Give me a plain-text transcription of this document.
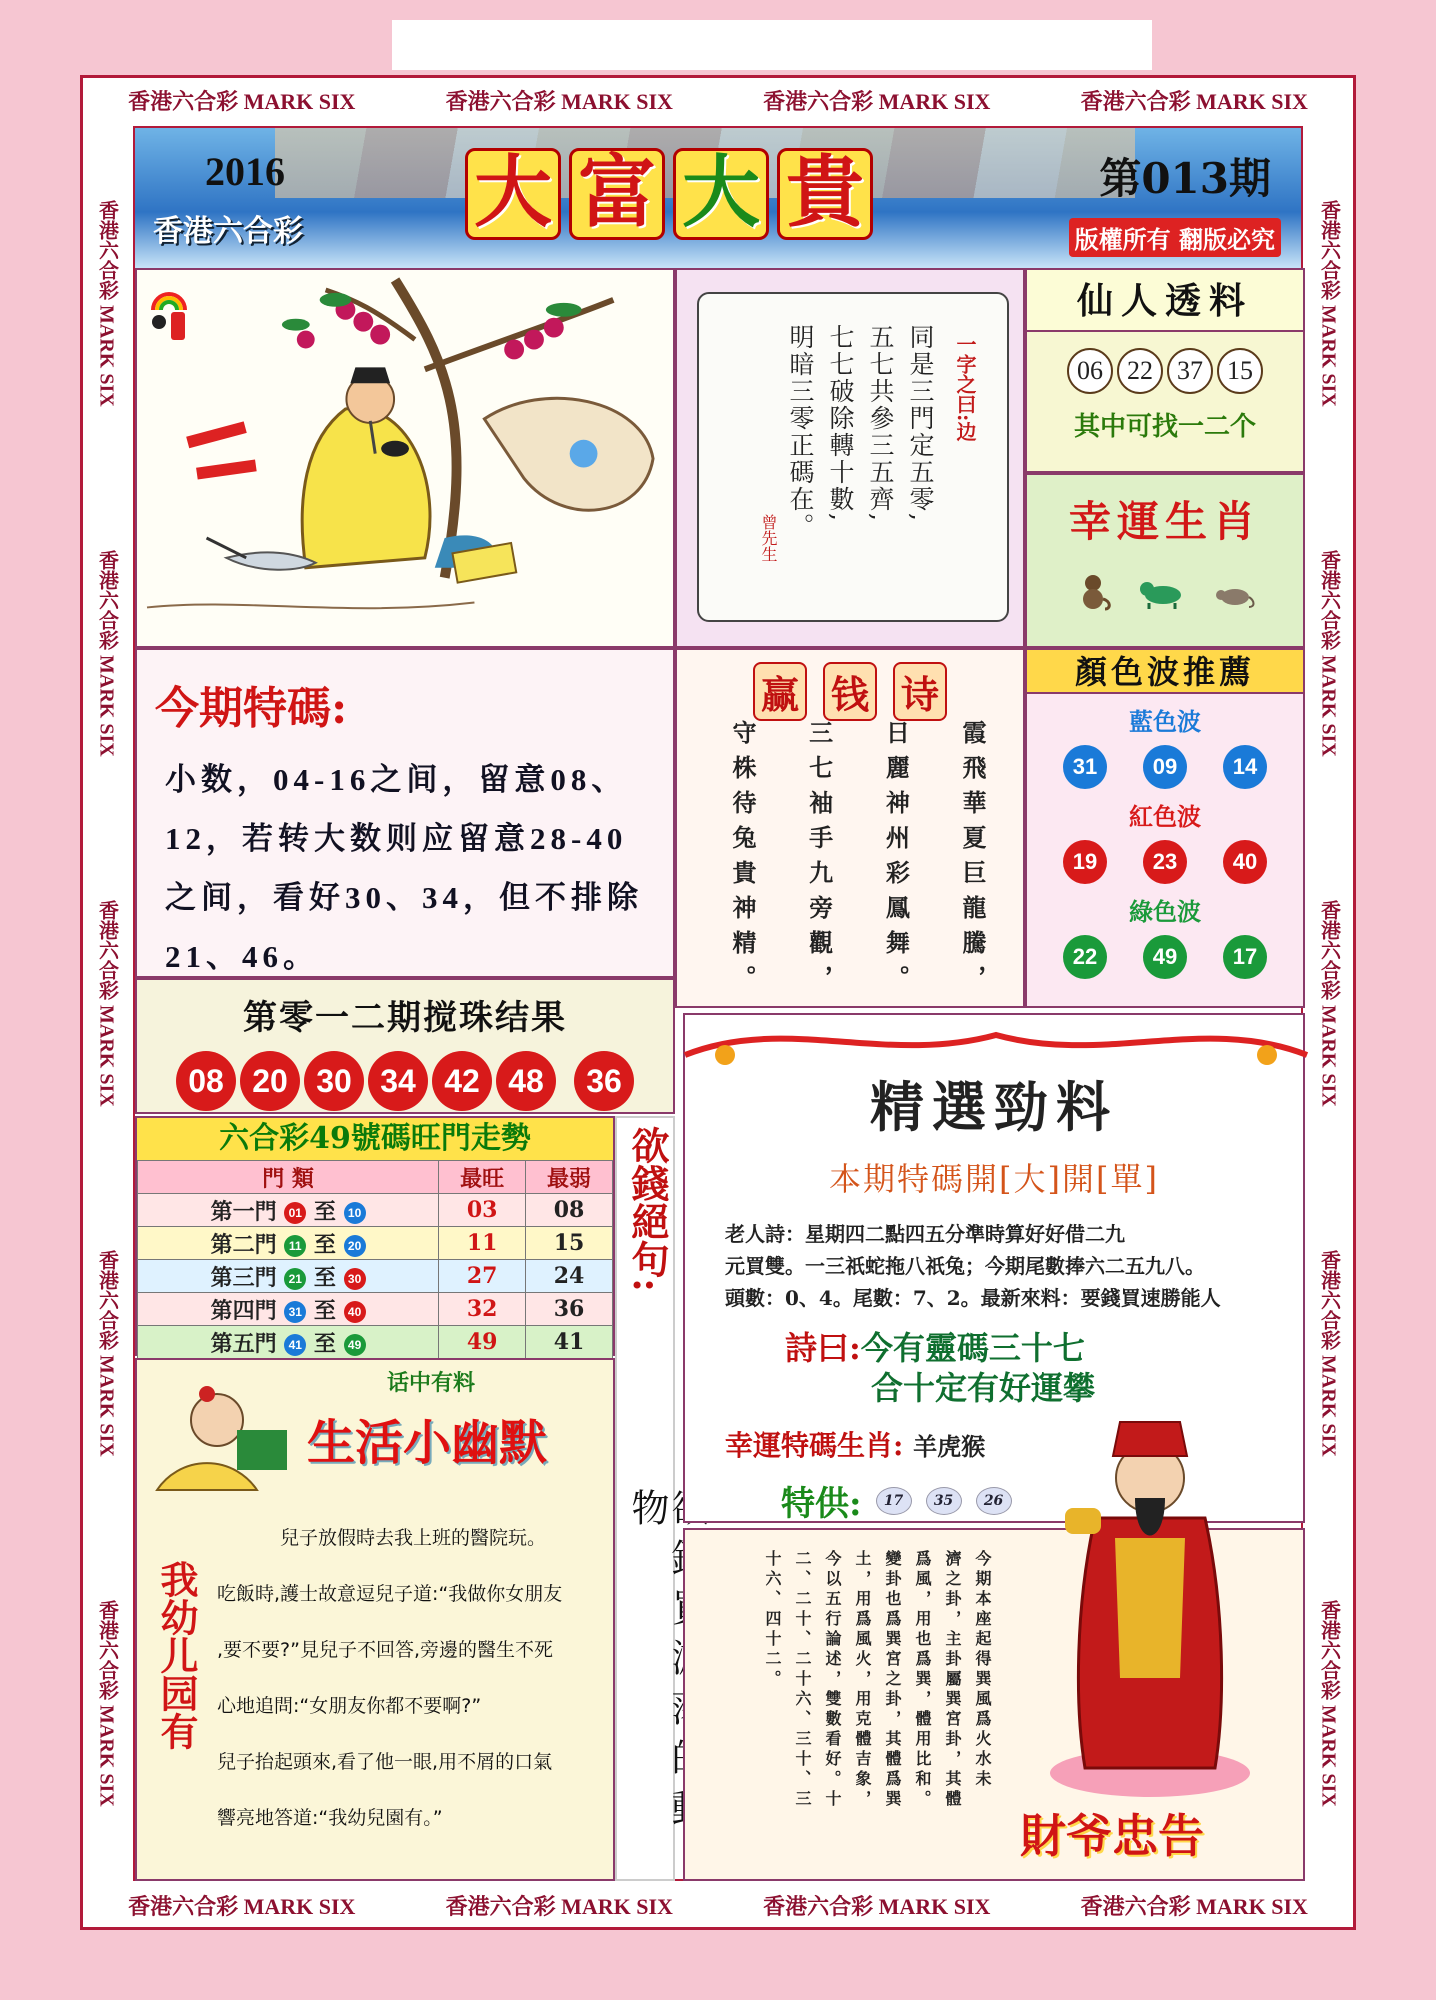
香港六合彩 MARK SIX	香港六合彩 MARK SIX	香港六合彩 MARK SIX	香港六合彩 MARK SIX
香港六合彩 MARK SIX	香港六合彩 MARK SIX	香港六合彩 MARK SIX	香港六合彩 MARK SIX
香港六合彩 MARK SIX
香港六合彩 MARK SIX
香港六合彩 MARK SIX
香港六合彩 MARK SIX
香港六合彩 MARK SIX
香港六合彩 MARK SIX
香港六合彩 MARK SIX
香港六合彩 MARK SIX
香港六合彩 MARK SIX
香港六合彩 MARK SIX
2016
香港六合彩 大 富 大 貴	第013期
版權所有 翻版必究
一字之曰:边
同是三門定五零,
五七共參三五齊,
七七破除轉十數,
明暗三零正碼在。
曾先生
仙人透料
06 22 37 15
其中可找一二个
幸運生肖
今期特碼:
小数，04-16之间，留意08、12，若转大数则应留意28-40之间，看好30、34，但不排除21、46。
赢 钱 诗
霞飛華夏巨龍騰，
日麗神州彩鳳舞。
三七袖手九旁觀，
守株待兔貴神精。
顏色波推薦
藍色波
31	09	14
紅色波
19	23	40
綠色波
22	49	17
第零一二期搅珠结果
08 20 30 34 42 48	36
六合彩49號碼旺門走勢
門 類	最旺	最弱
第一門 01 至 10	03	08
第二門 11 至 20	11	15
第三門 21 至 30	27	24
第四門 31 至 40	32	36
第五門 41 至 49	49	41
欲錢絕句:
物
话中有料
生活小幽默
我幼儿园有

兒子放假時去我上班的醫院玩。

吃飯時,護士故意逗兒子道:“我做你女朋友

,要不要?”見兒子不回答,旁邊的醫生不死

心地追問:“女朋友你都不要啊?”

兒子抬起頭來,看了他一眼,用不屑的口氣

響亮地答道:“我幼兒園有。”

精選勁料
本期特碼開[大]開[單]
老人詩：星期四二點四五分準時算好好借二九
元買雙。一三祇蛇拖八祇兔；今期尾數捧六二五九八。
頭數：0、4。尾數：7、2。最新來料：要錢買速勝能人
詩曰:今有靈碼三十七
合十定有好運攀
幸運特碼生肖: 羊虎猴
特供:	17	35	26
今期本座起得巽風爲火水未
濟之卦，主卦屬巽宮卦，其體
爲風，用也爲巽，體用比和。
變卦也爲巽宮之卦，其體爲巽
土，用爲風火，用克體吉象，
今以五行論述，雙數看好。十
二、二十、二十六、三十、三
十六、四十二。
財爷忠告
